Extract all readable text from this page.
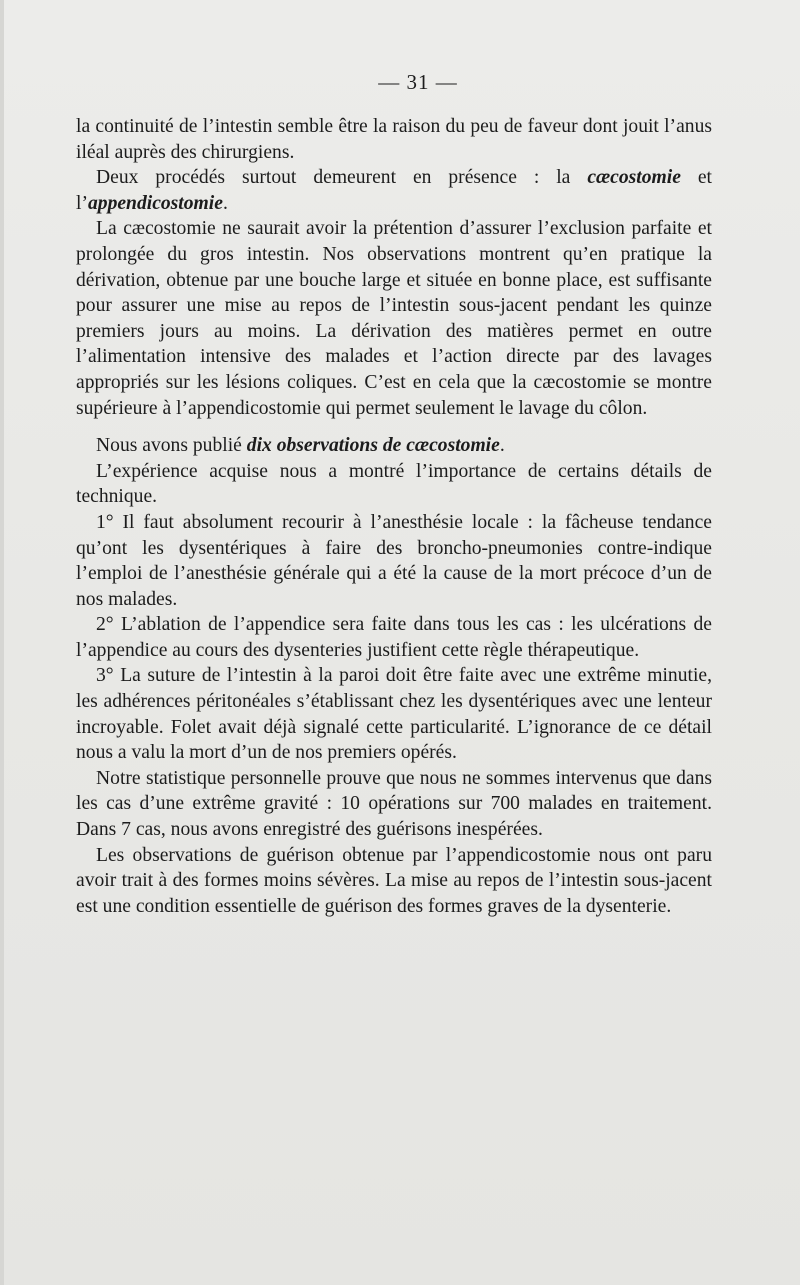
— 31 —

la continuité de l’intestin semble être la raison du peu de faveur dont jouit l’anus iléal auprès des chirurgiens.

Deux procédés surtout demeurent en présence : la cæcostomie et l’appendicostomie.

La cæcostomie ne saurait avoir la prétention d’assurer l’exclusion parfaite et prolongée du gros intestin. Nos observations montrent qu’en pratique la dérivation, obtenue par une bouche large et située en bonne place, est suffisante pour assurer une mise au repos de l’intestin sous-jacent pendant les quinze premiers jours au moins. La dérivation des matières permet en outre l’alimentation intensive des malades et l’action directe par des lavages appropriés sur les lésions coliques. C’est en cela que la cæcostomie se montre supérieure à l’appendicostomie qui permet seulement le lavage du côlon.

Nous avons publié dix observations de cæcostomie.

L’expérience acquise nous a montré l’importance de certains détails de technique.

1° Il faut absolument recourir à l’anesthésie locale : la fâcheuse tendance qu’ont les dysentériques à faire des broncho-pneumonies contre-indique l’emploi de l’anesthésie générale qui a été la cause de la mort précoce d’un de nos malades.

2° L’ablation de l’appendice sera faite dans tous les cas : les ulcérations de l’appendice au cours des dysenteries justifient cette règle thérapeutique.

3° La suture de l’intestin à la paroi doit être faite avec une extrême minutie, les adhérences péritonéales s’établissant chez les dysentériques avec une lenteur incroyable. Folet avait déjà signalé cette particularité. L’ignorance de ce détail nous a valu la mort d’un de nos premiers opérés.

Notre statistique personnelle prouve que nous ne sommes intervenus que dans les cas d’une extrême gravité : 10 opérations sur 700 malades en traitement. Dans 7 cas, nous avons enregistré des guérisons inespérées.

Les observations de guérison obtenue par l’appendicostomie nous ont paru avoir trait à des formes moins sévères. La mise au repos de l’intestin sous-jacent est une condition essentielle de guérison des formes graves de la dysenterie.
